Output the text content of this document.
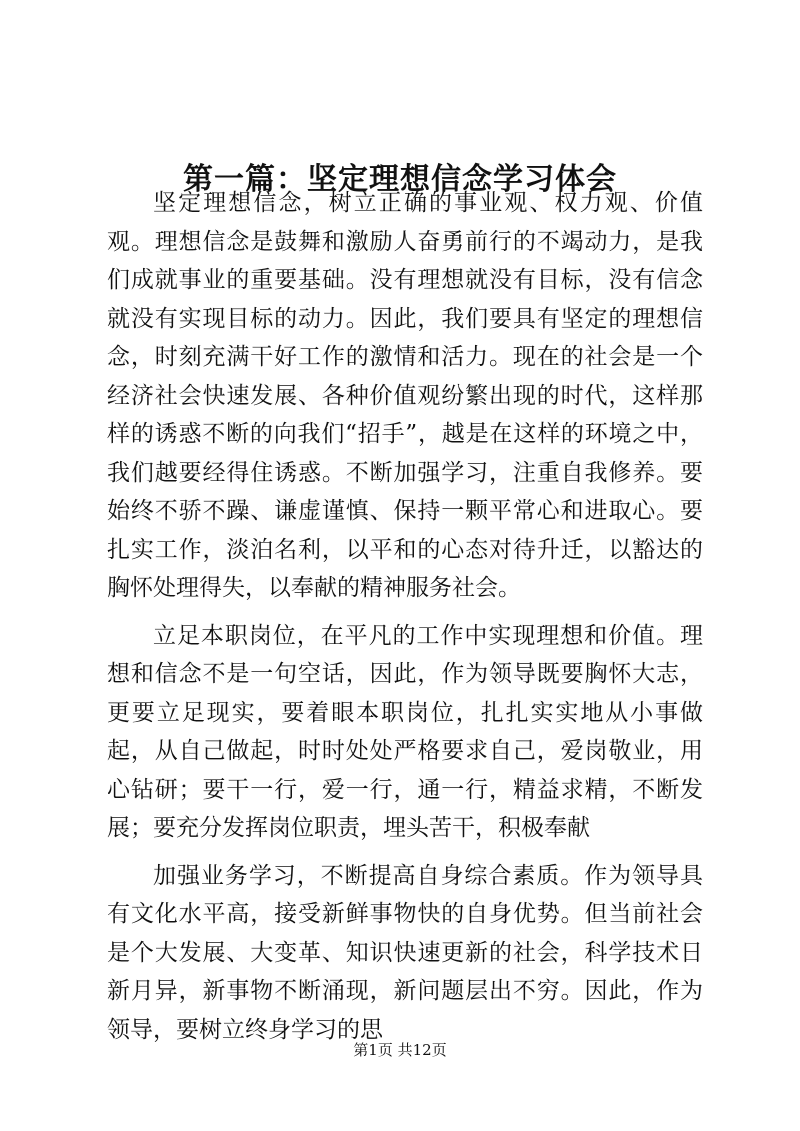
第一篇：坚定理想信念学习体会

坚定理想信念，树立正确的事业观、权力观、价值观。理想信念是鼓舞和激励人奋勇前行的不竭动力，是我们成就事业的重要基础。没有理想就没有目标，没有信念就没有实现目标的动力。因此，我们要具有坚定的理想信念，时刻充满干好工作的激情和活力。现在的社会是一个经济社会快速发展、各种价值观纷繁出现的时代，这样那样的诱惑不断的向我们“招手”，越是在这样的环境之中，我们越要经得住诱惑。不断加强学习，注重自我修养。要始终不骄不躁、谦虚谨慎、保持一颗平常心和进取心。要扎实工作，淡泊名利，以平和的心态对待升迁，以豁达的胸怀处理得失，以奉献的精神服务社会。

立足本职岗位，在平凡的工作中实现理想和价值。理想和信念不是一句空话，因此，作为领导既要胸怀大志，更要立足现实，要着眼本职岗位，扎扎实实地从小事做起，从自己做起，时时处处严格要求自己，爱岗敬业，用心钻研；要干一行，爱一行，通一行，精益求精，不断发展；要充分发挥岗位职责，埋头苦干，积极奉献

加强业务学习，不断提高自身综合素质。作为领导具有文化水平高，接受新鲜事物快的自身优势。但当前社会是个大发展、大变革、知识快速更新的社会，科学技术日新月异，新事物不断涌现，新问题层出不穷。因此，作为领导，要树立终身学习的思

第1页 共12页
